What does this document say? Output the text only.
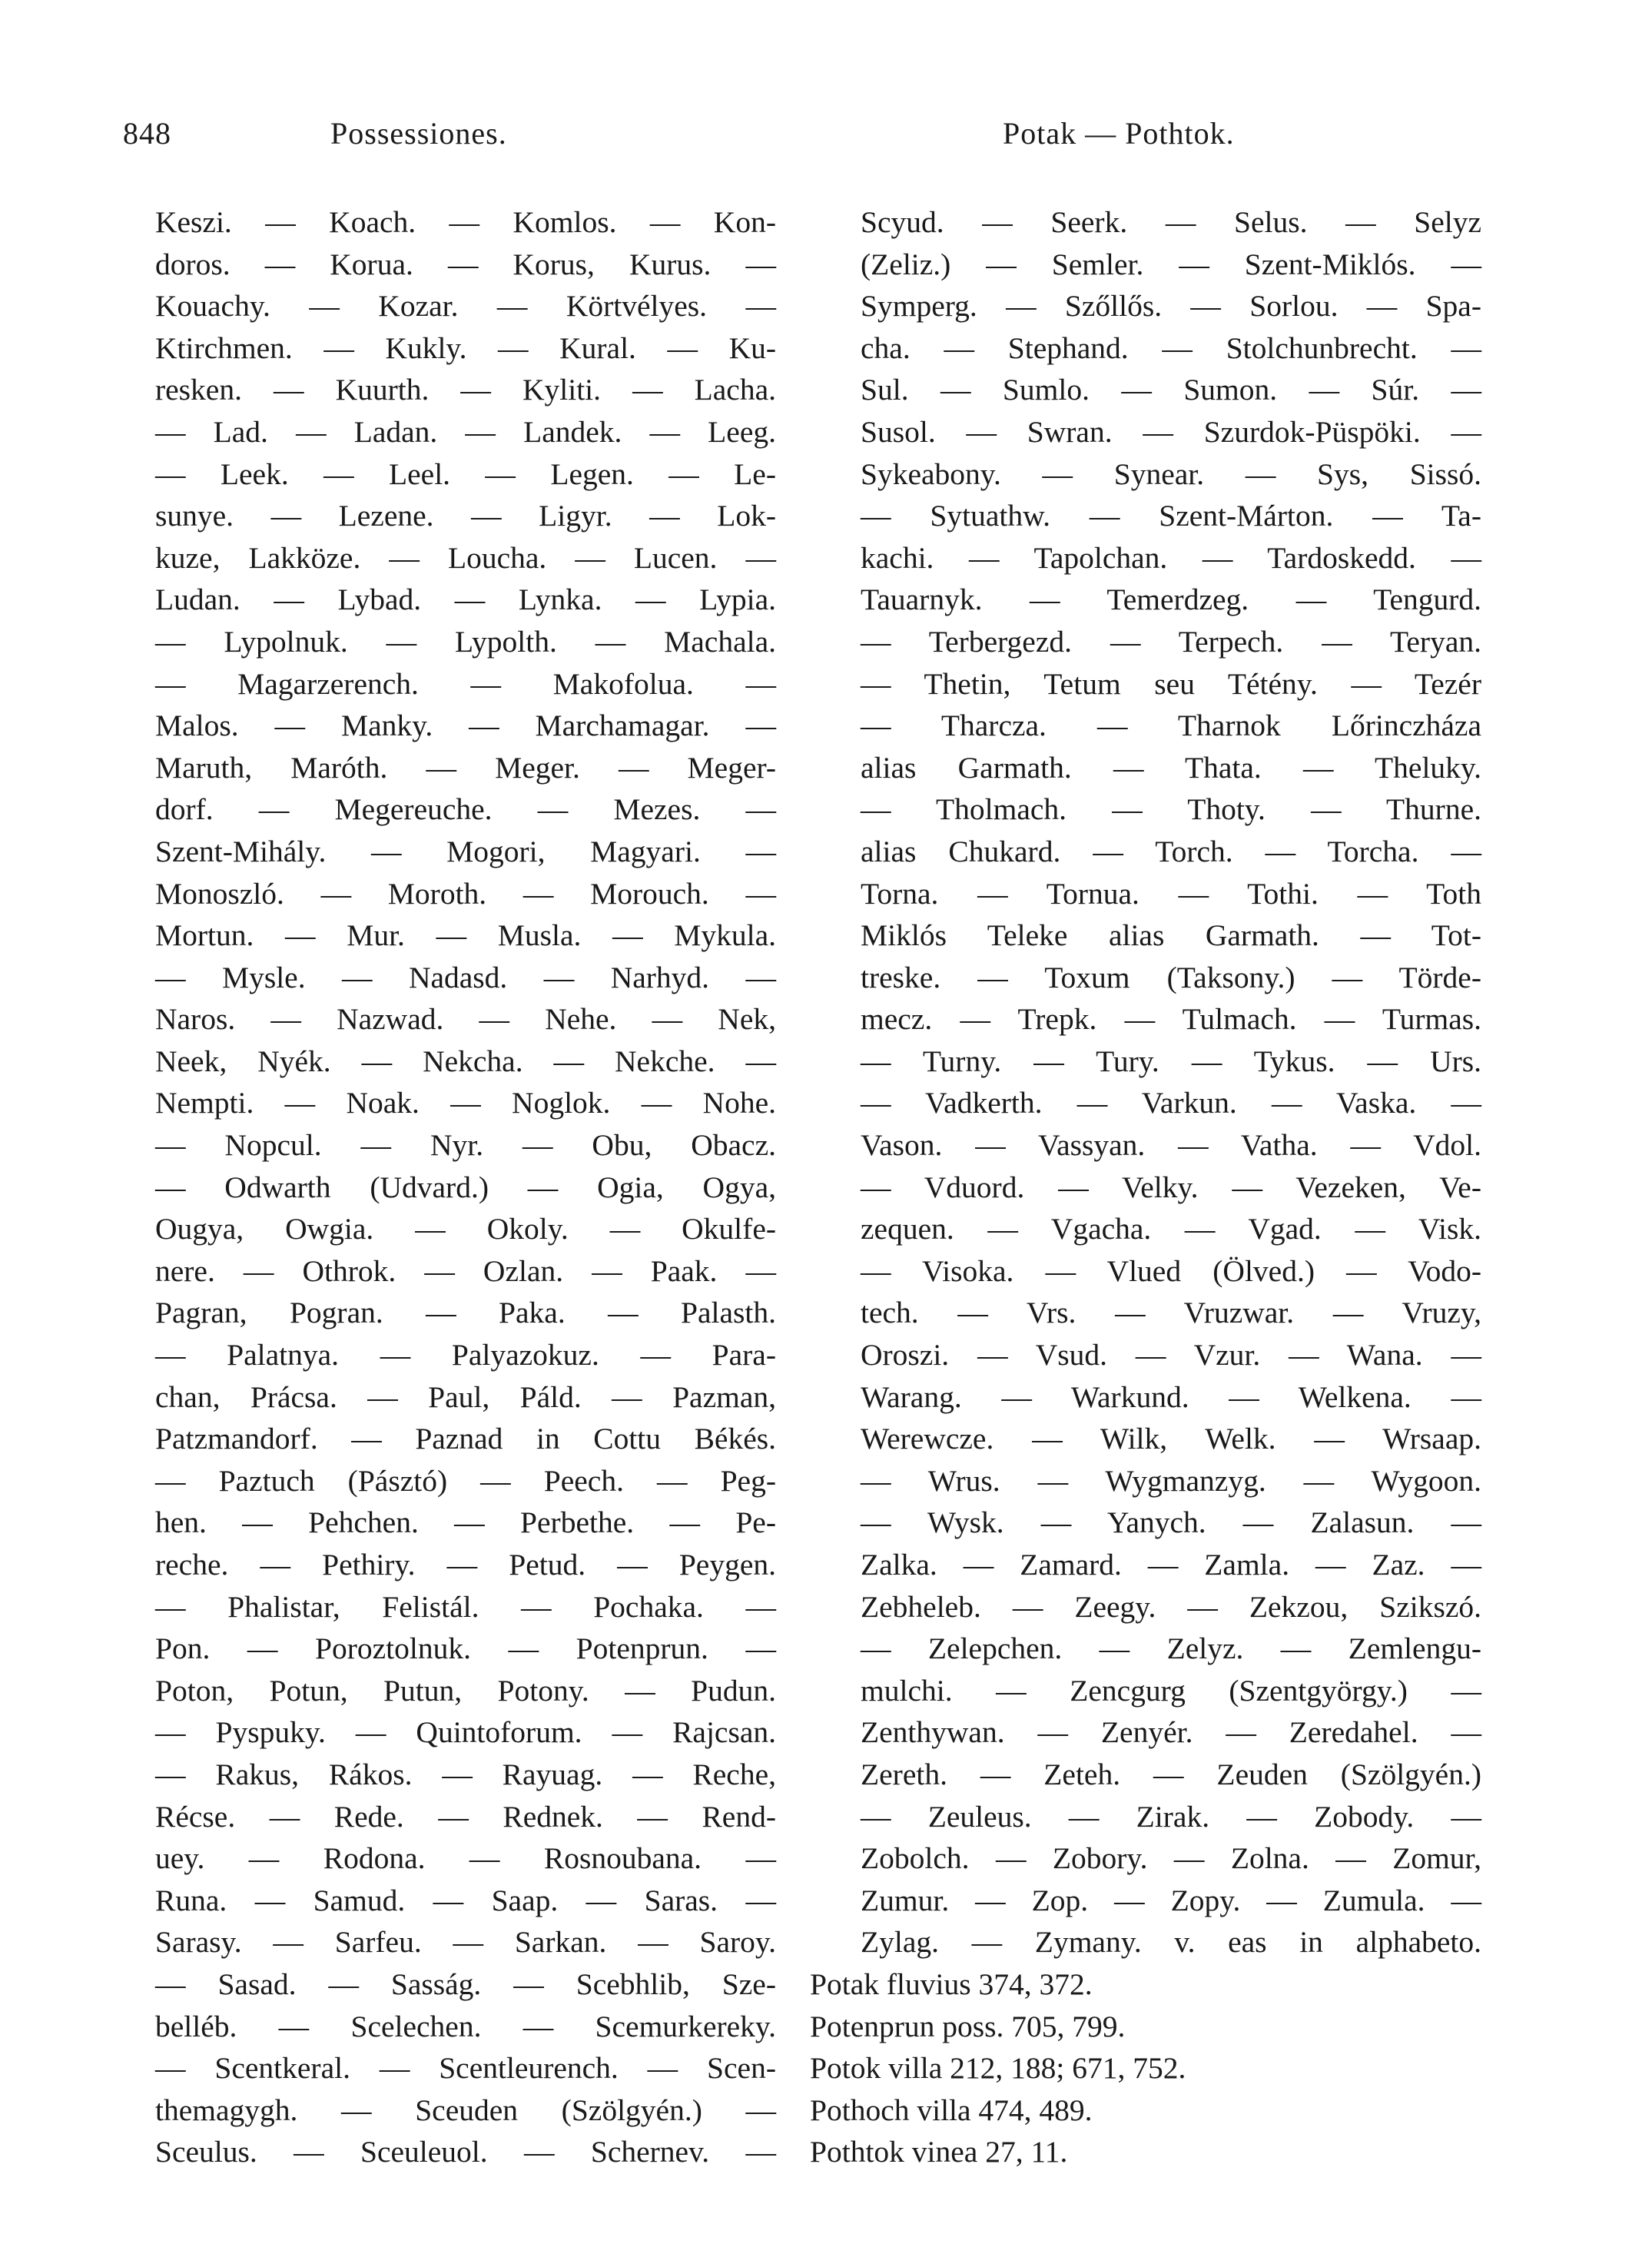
848	Possessiones.	Potak — Pothtok.
Keszi. — Koach. — Komlos. — Kon-
doros. — Korua. — Korus, Kurus. —
Kouachy. — Kozar. — Körtvélyes. —
Ktirchmen. — Kukly. — Kural. — Ku-
resken. — Kuurth. — Kyliti. — Lacha.
— Lad. — Ladan. — Landek. — Leeg.
— Leek. — Leel. — Legen. — Le-
sunye. — Lezene. — Ligyr. — Lok-
kuze, Lakköze. — Loucha. — Lucen. —
Ludan. — Lybad. — Lynka. — Lypia.
— Lypolnuk. — Lypolth. — Machala.
— Magarzerench. — Makofolua. —
Malos. — Manky. — Marchamagar. —
Maruth, Maróth. — Meger. — Meger-
dorf. — Megereuche. — Mezes. —
Szent-Mihály. — Mogori, Magyari. —
Monoszló. — Moroth. — Morouch. —
Mortun. — Mur. — Musla. — Mykula.
— Mysle. — Nadasd. — Narhyd. —
Naros. — Nazwad. — Nehe. — Nek,
Neek, Nyék. — Nekcha. — Nekche. —
Nempti. — Noak. — Noglok. — Nohe.
— Nopcul. — Nyr. — Obu, Obacz.
— Odwarth (Udvard.) — Ogia, Ogya,
Ougya, Owgia. — Okoly. — Okulfe-
nere. — Othrok. — Ozlan. — Paak. —
Pagran, Pogran. — Paka. — Palasth.
— Palatnya. — Palyazokuz. — Para-
chan, Prácsa. — Paul, Páld. — Pazman,
Patzmandorf. — Paznad in Cottu Békés.
— Paztuch (Pásztó) — Peech. — Peg-
hen. — Pehchen. — Perbethe. — Pe-
reche. — Pethiry. — Petud. — Peygen.
— Phalistar, Felistál. — Pochaka. —
Pon. — Poroztolnuk. — Potenprun. —
Poton, Potun, Putun, Potony. — Pudun.
— Pyspuky. — Quintoforum. — Rajcsan.
— Rakus, Rákos. — Rayuag. — Reche,
Récse. — Rede. — Rednek. — Rend-
uey. — Rodona. — Rosnoubana. —
Runa. — Samud. — Saap. — Saras. —
Sarasy. — Sarfeu. — Sarkan. — Saroy.
— Sasad. — Sasság. — Scebhlib, Sze-
belléb. — Scelechen. — Scemurkereky.
— Scentkeral. — Scentleurench. — Scen-
themagygh. — Sceuden (Szölgyén.) —
Sceulus. — Sceuleuol. — Schernev. —
Scyud. — Seerk. — Selus. — Selyz
(Zeliz.) — Semler. — Szent-Miklós. —
Symperg. — Szőllős. — Sorlou. — Spa-
cha. — Stephand. — Stolchunbrecht. —
Sul. — Sumlo. — Sumon. — Súr. —
Susol. — Swran. — Szurdok-Püspöki. —
Sykeabony. — Synear. — Sys, Sissó.
— Sytuathw. — Szent-Márton. — Ta-
kachi. — Tapolchan. — Tardoskedd. —
Tauarnyk. — Temerdzeg. — Tengurd.
— Terbergezd. — Terpech. — Teryan.
— Thetin, Tetum seu Tétény. — Tezér
— Tharcza. — Tharnok Lőrinczháza
alias Garmath. — Thata. — Theluky.
— Tholmach. — Thoty. — Thurne.
alias Chukard. — Torch. — Torcha. —
Torna. — Tornua. — Tothi. — Toth
Miklós Teleke alias Garmath. — Tot-
treske. — Toxum (Taksony.) — Törde-
mecz. — Trepk. — Tulmach. — Turmas.
— Turny. — Tury. — Tykus. — Urs.
— Vadkerth. — Varkun. — Vaska. —
Vason. — Vassyan. — Vatha. — Vdol.
— Vduord. — Velky. — Vezeken, Ve-
zequen. — Vgacha. — Vgad. — Visk.
— Visoka. — Vlued (Ölved.) — Vodo-
tech. — Vrs. — Vruzwar. — Vruzy,
Oroszi. — Vsud. — Vzur. — Wana. —
Warang. — Warkund. — Welkena. —
Werewcze. — Wilk, Welk. — Wrsaap.
— Wrus. — Wygmanzyg. — Wygoon.
— Wysk. — Yanych. — Zalasun. —
Zalka. — Zamard. — Zamla. — Zaz. —
Zebheleb. — Zeegy. — Zekzou, Szikszó.
— Zelepchen. — Zelyz. — Zemlengu-
mulchi. — Zencgurg (Szentgyörgy.) —
Zenthywan. — Zenyér. — Zeredahel. —
Zereth. — Zeteh. — Zeuden (Szölgyén.)
— Zeuleus. — Zirak. — Zobody. —
Zobolch. — Zobory. — Zolna. — Zomur,
Zumur. — Zop. — Zopy. — Zumula. —
Zylag. — Zymany. v. eas in alphabeto.
Potak fluvius 374, 372.
Potenprun poss. 705, 799.
Potok villa 212, 188; 671, 752.
Pothoch villa 474, 489.
Pothtok vinea 27, 11.
